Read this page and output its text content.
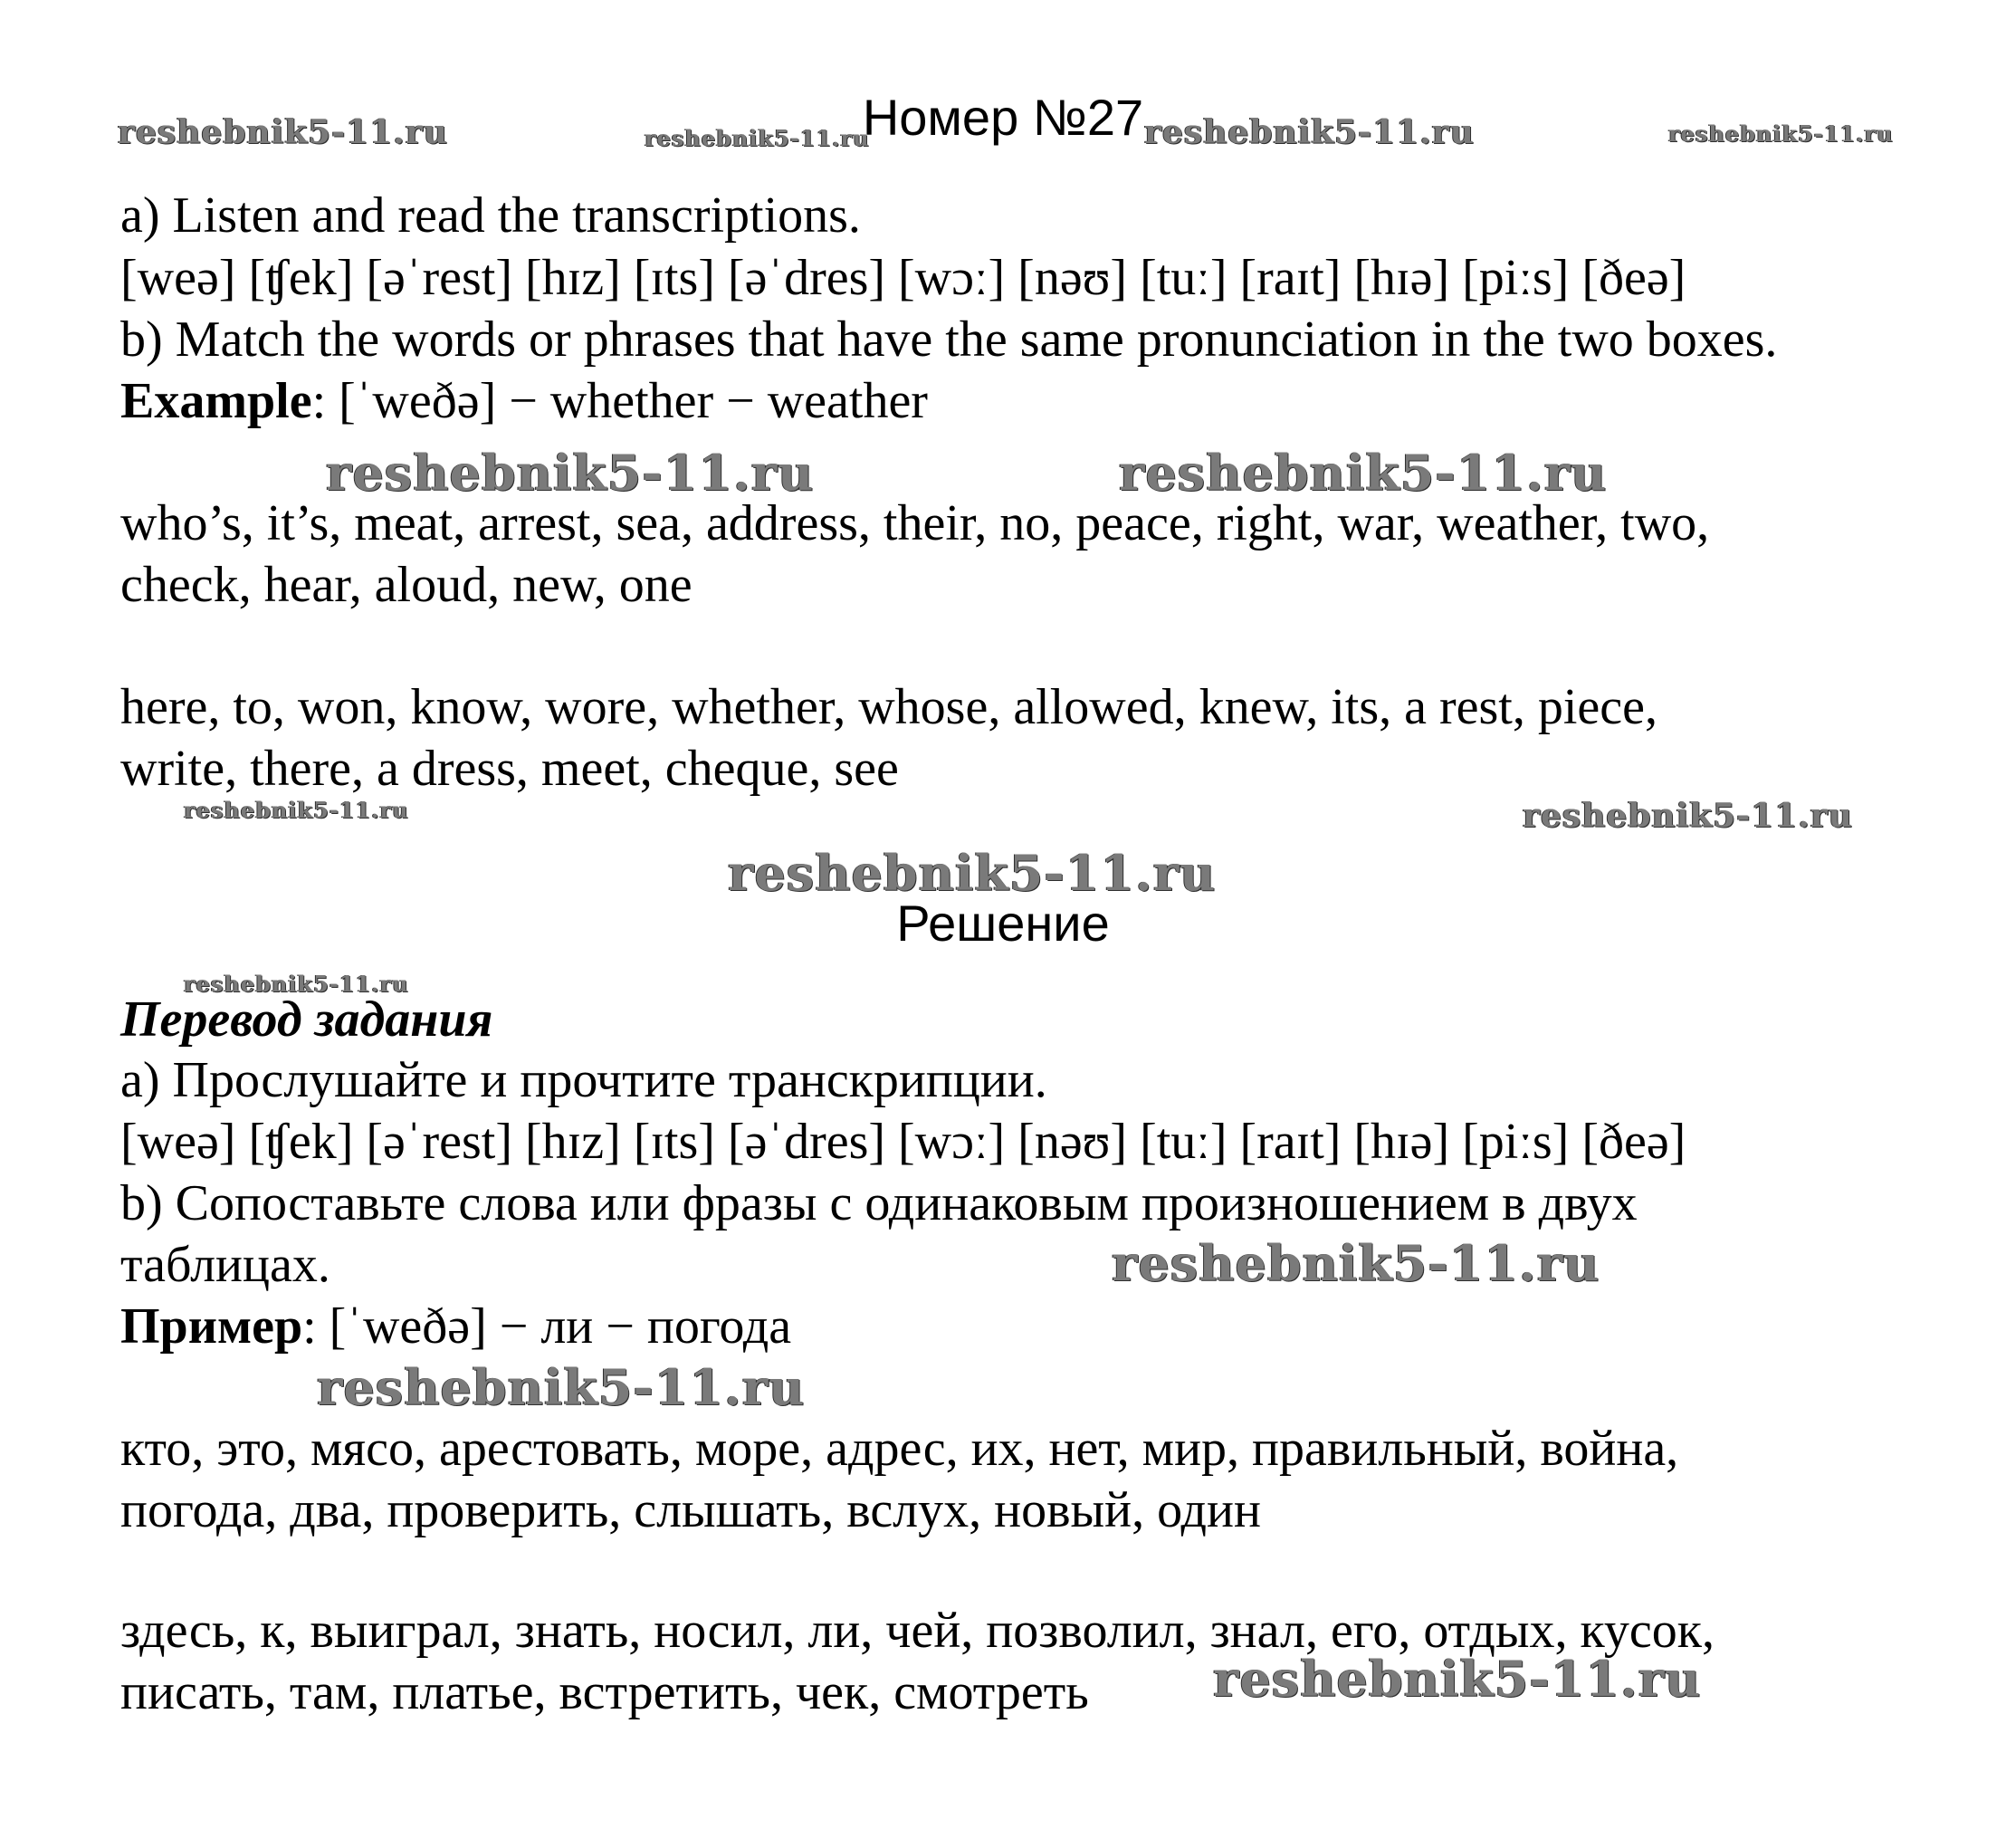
Номер №27
reshebnik5-11.ru	reshebnik5-11.ru	reshebnik5-11.ru	reshebnik5-11.ru
reshebnik5-11.ru	reshebnik5-11.ru
reshebnik5-11.ru	reshebnik5-11.ru
reshebnik5-11.ru
reshebnik5-11.ru
reshebnik5-11.ru
reshebnik5-11.ru
reshebnik5-11.ru
a) Listen and read the transcriptions.
[weə] [ʧek] [əˈrest] [hɪz] [ɪts] [əˈdres] [wɔː] [nəʊ] [tuː] [raɪt] [hɪə] [piːs] [ðeə]
b) Match the words or phrases that have the same pronunciation in the two boxes.
Example: [ˈweðə] − whether − weather
who’s, it’s, meat, arrest, sea, address, their, no, peace, right, war, weather, two,
check, hear, aloud, new, one
here, to, won, know, wore, whether, whose, allowed, knew, its, a rest, piece,
write, there, a dress, meet, cheque, see
Решение
Перевод задания
a) Прослушайте и прочтите транскрипции.
[weə] [ʧek] [əˈrest] [hɪz] [ɪts] [əˈdres] [wɔː] [nəʊ] [tuː] [raɪt] [hɪə] [piːs] [ðeə]
b) Сопоставьте слова или фразы с одинаковым произношением в двух
таблицах.
Пример: [ˈweðə] − ли − погода
кто, это, мясо, арестовать, море, адрес, их, нет, мир, правильный, война,
погода, два, проверить, слышать, вслух, новый, один
здесь, к, выиграл, знать, носил, ли, чей, позволил, знал, его, отдых, кусок,
писать, там, платье, встретить, чек, смотреть
